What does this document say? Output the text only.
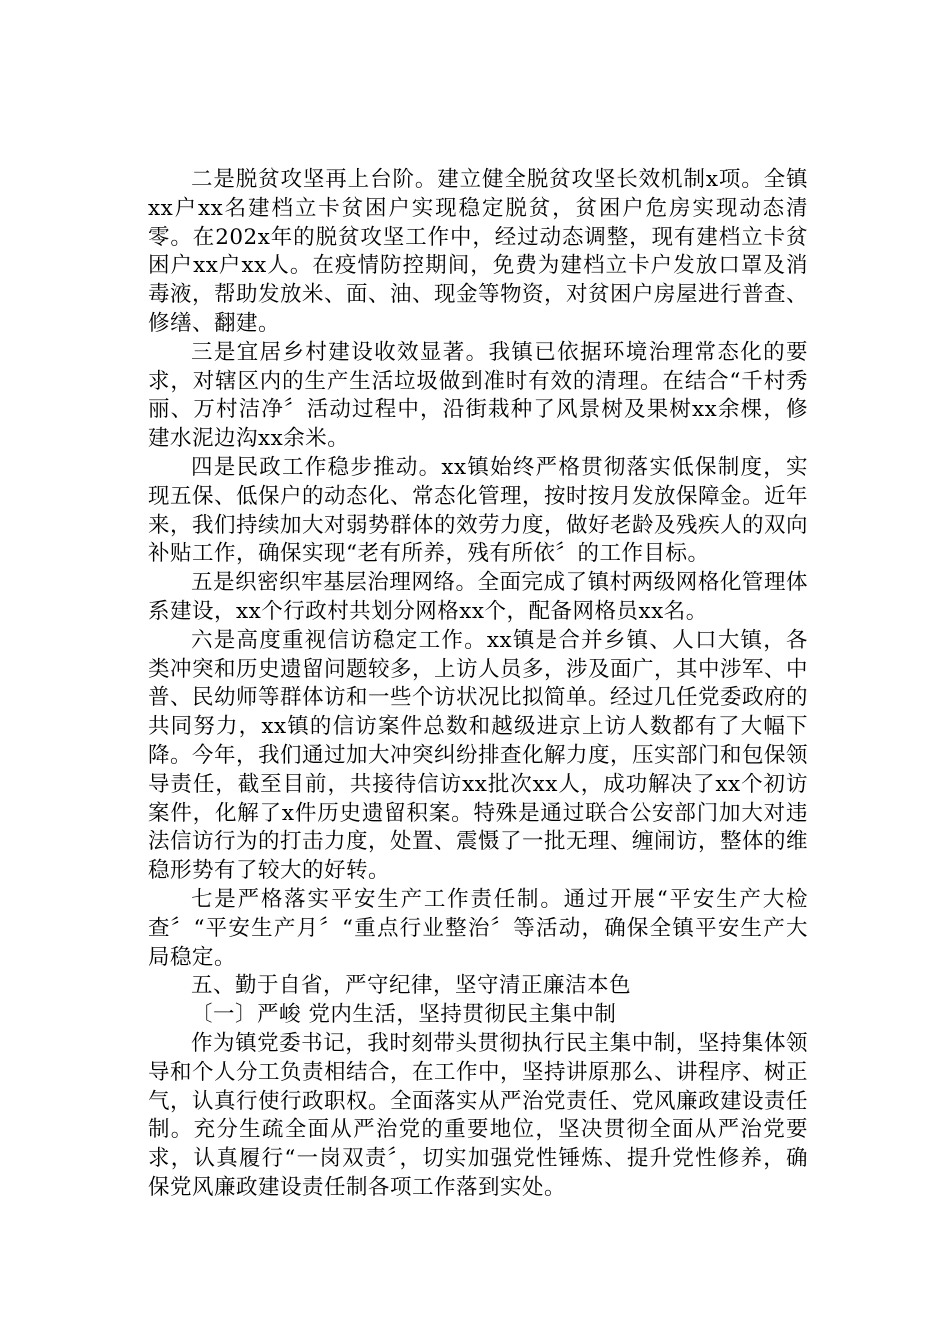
二是脱贫攻坚再上台阶。建立健全脱贫攻坚长效机制x项。全镇xx户xx名建档立卡贫困户实现稳定脱贫，贫困户危房实现动态清零。在202x年的脱贫攻坚工作中，经过动态调整，现有建档立卡贫困户xx户xx人。在疫情防控期间，免费为建档立卡户发放口罩及消毒液，帮助发放米、面、油、现金等物资，对贫困户房屋进行普查、修缮、翻建。

三是宜居乡村建设收效显著。我镇已依据环境治理常态化的要求，对辖区内的生产生活垃圾做到准时有效的清理。在结合“千村秀丽、万村洁净〞活动过程中，沿街栽种了风景树及果树xx余棵，修建水泥边沟xx余米。

四是民政工作稳步推动。xx镇始终严格贯彻落实低保制度，实现五保、低保户的动态化、常态化管理，按时按月发放保障金。近年来，我们持续加大对弱势群体的效劳力度，做好老龄及残疾人的双向补贴工作，确保实现“老有所养，残有所依〞的工作目标。

五是织密织牢基层治理网络。全面完成了镇村两级网格化管理体系建设，xx个行政村共划分网格xx个，配备网格员xx名。

六是高度重视信访稳定工作。xx镇是合并乡镇、人口大镇，各类冲突和历史遗留问题较多，上访人员多，涉及面广，其中涉军、中普、民幼师等群体访和一些个访状况比拟简单。经过几任党委政府的共同努力，xx镇的信访案件总数和越级进京上访人数都有了大幅下降。今年，我们通过加大冲突纠纷排查化解力度，压实部门和包保领导责任，截至目前，共接待信访xx批次xx人，成功解决了xx个初访案件，化解了x件历史遗留积案。特殊是通过联合公安部门加大对违法信访行为的打击力度，处置、震慑了一批无理、缠闹访，整体的维稳形势有了较大的好转。

七是严格落实平安生产工作责任制。通过开展“平安生产大检查〞“平安生产月〞“重点行业整治〞等活动，确保全镇平安生产大局稳定。

五、勤于自省，严守纪律，坚守清正廉洁本色

〔一〕严峻 党内生活，坚持贯彻民主集中制

作为镇党委书记，我时刻带头贯彻执行民主集中制，坚持集体领导和个人分工负责相结合，在工作中，坚持讲原那么、讲程序、树正气，认真行使行政职权。全面落实从严治党责任、党风廉政建设责任制。充分生疏全面从严治党的重要地位，坚决贯彻全面从严治党要求，认真履行“一岗双责〞，切实加强党性锤炼、提升党性修养，确保党风廉政建设责任制各项工作落到实处。
